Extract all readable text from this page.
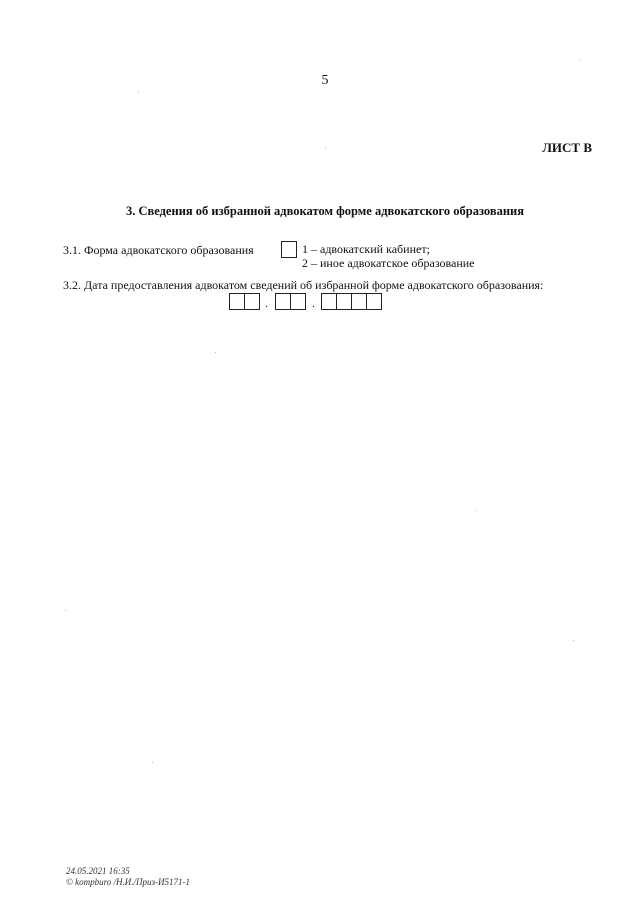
5
ЛИСТ В
3. Сведения об избранной адвокатом форме адвокатского образования
3.1. Форма адвокатского образования	1 – адвокатский кабинет;
2 – иное адвокатское образование
3.2. Дата предоставления адвокатом сведений об избранной форме адвокатского образования:
.	.
24.05.2021 16:35
© kompburo /Н.И./Приз-И5171-1
